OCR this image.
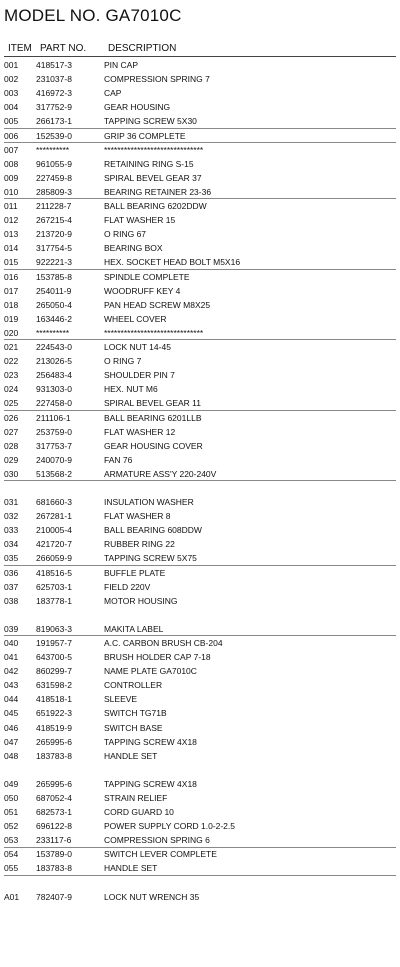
MODEL NO. GA7010C
ITEM PART NO. DESCRIPTION
001 418517-3	PIN CAP
002 231037-8	COMPRESSION SPRING 7
003 416972-3	CAP
004 317752-9	GEAR HOUSING
005 266173-1	TAPPING SCREW 5X30
006 152539-0	GRIP 36 COMPLETE
007 **********	******************************
008 961055-9	RETAINING RING S-15
009 227459-8	SPIRAL BEVEL GEAR 37
010 285809-3	BEARING RETAINER 23-36
011 211228-7	BALL BEARING 6202DDW
012 267215-4	FLAT WASHER 15
013 213720-9	O RING 67
014 317754-5	BEARING BOX
015 922221-3	HEX. SOCKET HEAD BOLT M5X16
016 153785-8	SPINDLE COMPLETE
017 254011-9	WOODRUFF KEY 4
018 265050-4	PAN HEAD SCREW M8X25
019 163446-2	WHEEL COVER
020 **********	******************************
021 224543-0	LOCK NUT 14-45
022 213026-5	O RING 7
023 256483-4	SHOULDER PIN 7
024 931303-0	HEX. NUT M6
025 227458-0	SPIRAL BEVEL GEAR 11
026 211106-1	BALL BEARING 6201LLB
027 253759-0	FLAT WASHER 12
028 317753-7	GEAR HOUSING COVER
029 240070-9	FAN 76
030 513568-2	ARMATURE ASS'Y 220-240V
031 681660-3	INSULATION WASHER
032 267281-1	FLAT WASHER 8
033 210005-4	BALL BEARING 608DDW
034 421720-7	RUBBER RING 22
035 266059-9	TAPPING SCREW 5X75
036 418516-5	BUFFLE PLATE
037 625703-1	FIELD 220V
038 183778-1	MOTOR HOUSING
039 819063-3	MAKITA LABEL
040 191957-7	A.C. CARBON BRUSH CB-204
041 643700-5	BRUSH HOLDER CAP 7-18
042 860299-7	NAME PLATE GA7010C
043 631598-2	CONTROLLER
044 418518-1	SLEEVE
045 651922-3	SWITCH TG71B
046 418519-9	SWITCH BASE
047 265995-6	TAPPING SCREW 4X18
048 183783-8	HANDLE SET
049 265995-6	TAPPING SCREW 4X18
050 687052-4	STRAIN RELIEF
051 682573-1	CORD GUARD 10
052 696122-8	POWER SUPPLY CORD 1.0-2-2.5
053 233117-6	COMPRESSION SPRING 6
054 153789-0	SWITCH LEVER COMPLETE
055 183783-8	HANDLE SET
A01 782407-9	LOCK NUT WRENCH 35
